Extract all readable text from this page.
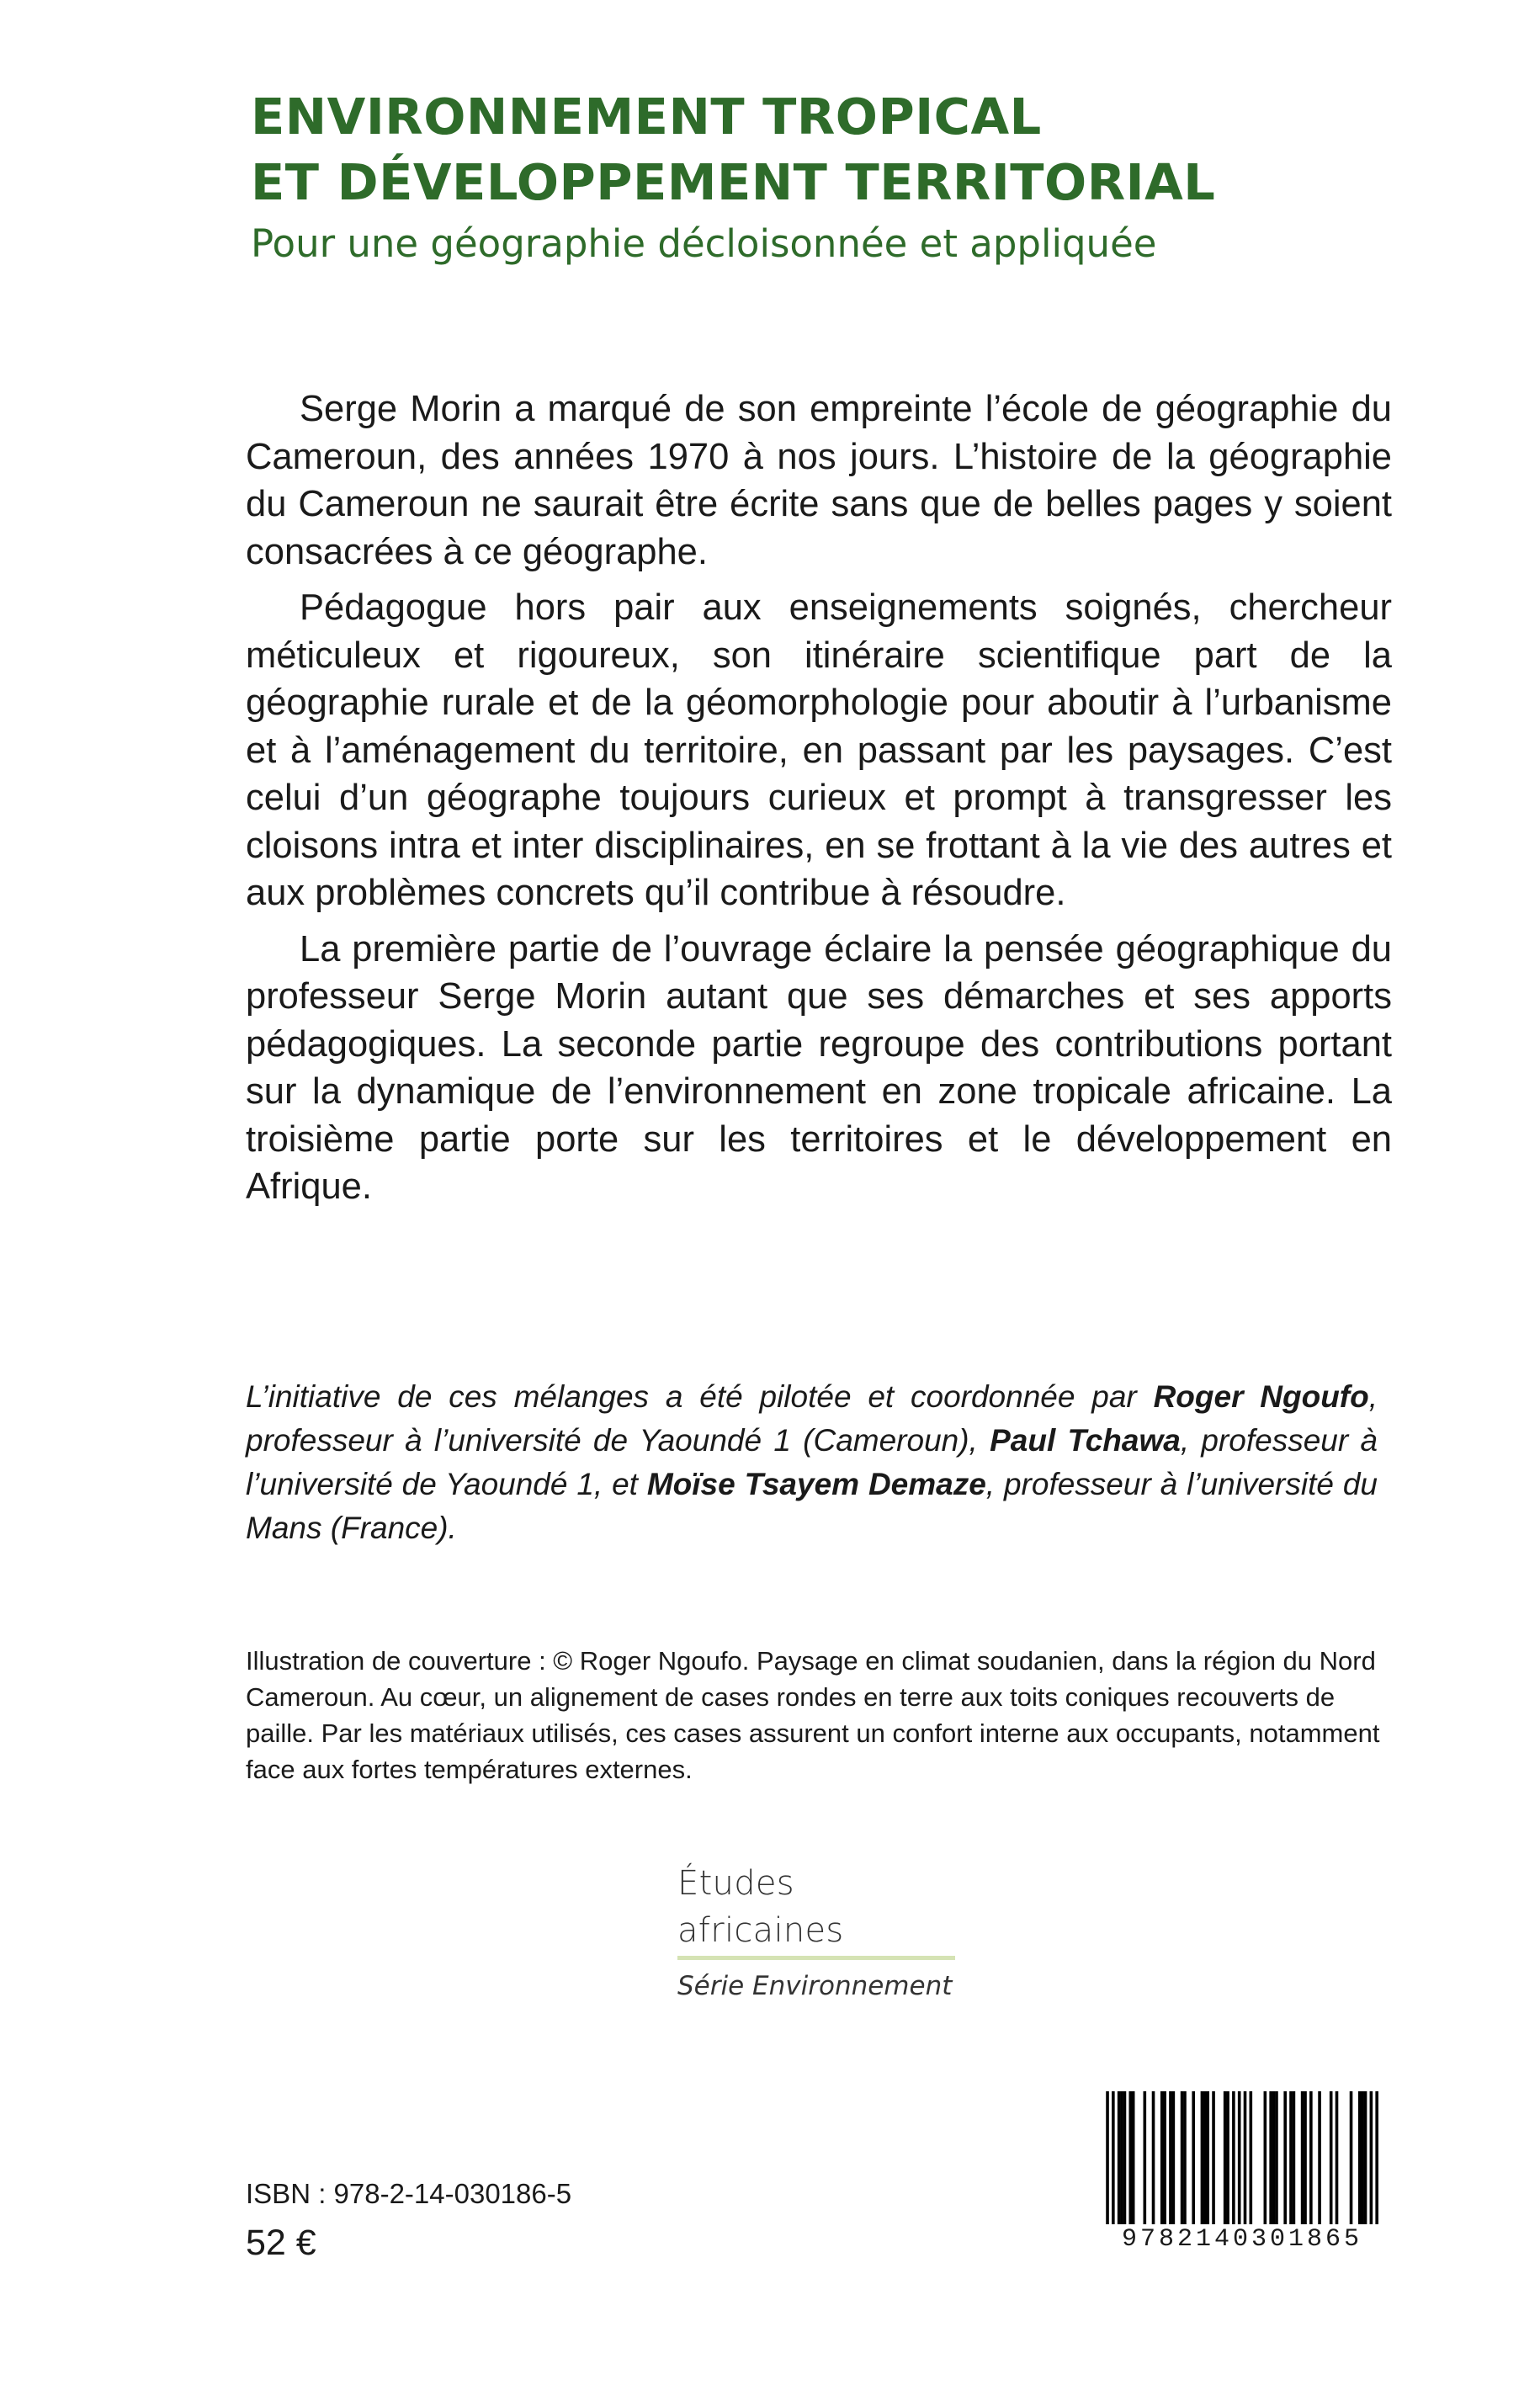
ENVIRONNEMENT TROPICAL
ET DÉVELOPPEMENT TERRITORIAL
Pour une géographie décloisonnée et appliquée

Serge Morin a marqué de son empreinte l’école de géographie du Cameroun, des années 1970 à nos jours. L’histoire de la géographie du Cameroun ne saurait être écrite sans que de belles pages y soient consacrées à ce géographe.

Pédagogue hors pair aux enseignements soignés, chercheur méticuleux et rigoureux, son itinéraire scientifique part de la géographie rurale et de la géomorphologie pour aboutir à l’urbanisme et à l’aménagement du territoire, en passant par les paysages. C’est celui d’un géographe toujours curieux et prompt à transgresser les cloisons intra et inter disciplinaires, en se frottant à la vie des autres et aux problèmes concrets qu’il contribue à résoudre.

La première partie de l’ouvrage éclaire la pensée géographique du professeur Serge Morin autant que ses démarches et ses apports pédagogiques. La seconde partie regroupe des contributions portant sur la dynamique de l’environnement en zone tropicale africaine. La troisième partie porte sur les territoires et le développement en Afrique.

L’initiative de ces mélanges a été pilotée et coordonnée par Roger Ngoufo, professeur à l’université de Yaoundé 1 (Cameroun), Paul Tchawa, professeur à l’université de Yaoundé 1, et Moïse Tsayem Demaze, professeur à l’université du Mans (France).
Illustration de couverture : © Roger Ngoufo. Paysage en climat soudanien, dans la région du Nord Cameroun. Au cœur, un alignement de cases rondes en terre aux toits coniques recouverts de paille. Par les matériaux utilisés, ces cases assurent un confort interne aux occupants, notamment face aux fortes températures externes.
Études africaines
Série Environnement
ISBN : 978-2-14-030186-5
52 €	9782140301865
